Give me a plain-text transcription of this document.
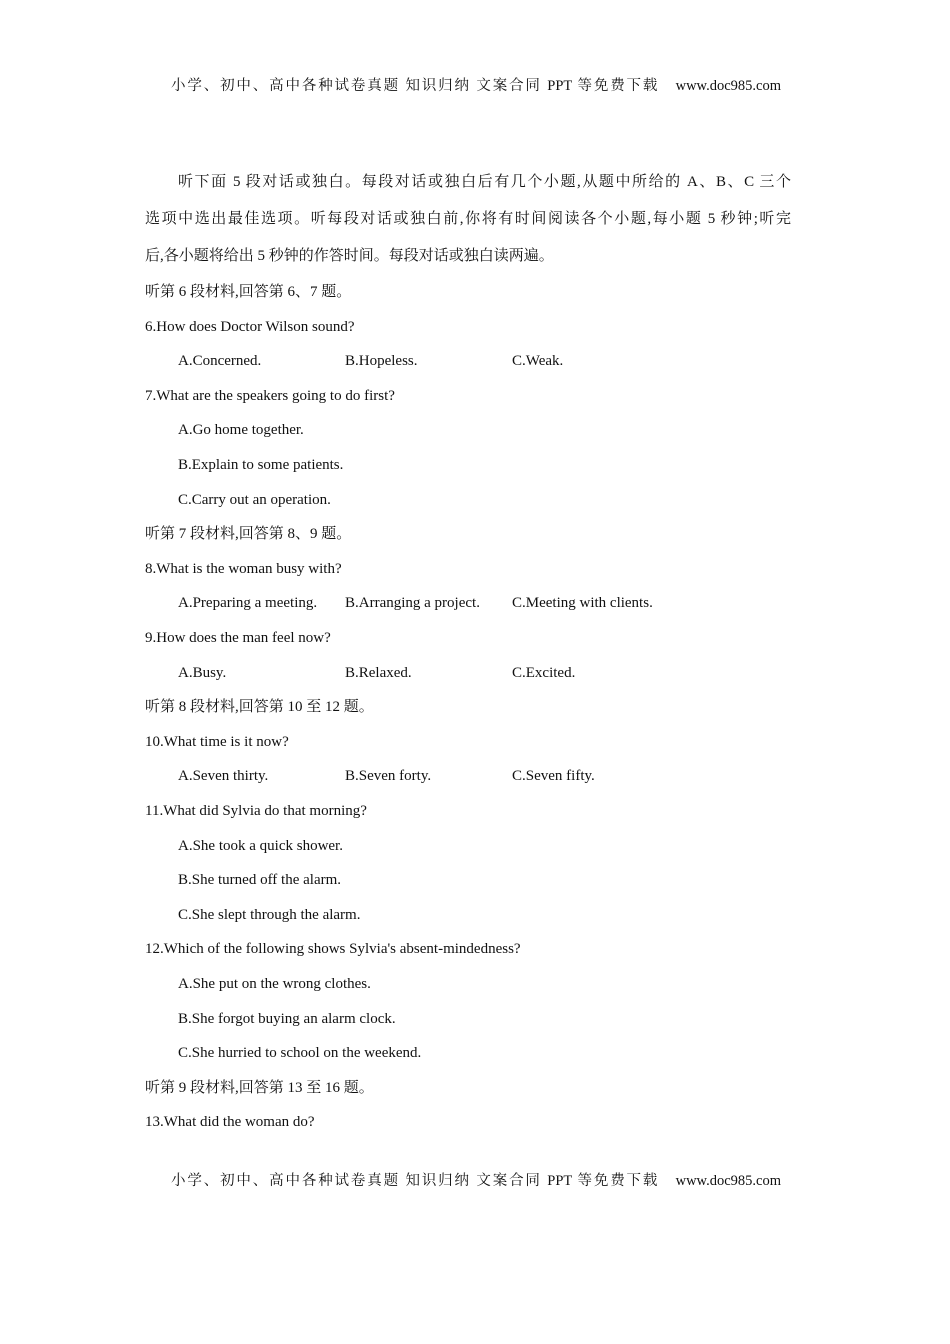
小学、初中、高中各种试卷真题 知识归纳 文案合同 PPT 等免费下载　www.doc985.com
听下面 5 段对话或独白。每段对话或独白后有几个小题,从题中所给的 A、B、C 三个
选项中选出最佳选项。听每段对话或独白前,你将有时间阅读各个小题,每小题 5 秒钟;听完
后,各小题将给出 5 秒钟的作答时间。每段对话或独白读两遍。
听第 6 段材料,回答第 6、7 题。
6.How does Doctor Wilson sound?
A.Concerned.	B.Hopeless.	C.Weak.
7.What are the speakers going to do first?
A.Go home together.
B.Explain to some patients.
C.Carry out an operation.
听第 7 段材料,回答第 8、9 题。
8.What is the woman busy with?
A.Preparing a meeting. B.Arranging a project. C.Meeting with clients.
9.How does the man feel now?
A.Busy.	B.Relaxed.	C.Excited.
听第 8 段材料,回答第 10 至 12 题。
10.What time is it now?
A.Seven thirty.	B.Seven forty.	C.Seven fifty.
11.What did Sylvia do that morning?
A.She took a quick shower.
B.She turned off the alarm.
C.She slept through the alarm.
12.Which of the following shows Sylvia's absent-mindedness?
A.She put on the wrong clothes.
B.She forgot buying an alarm clock.
C.She hurried to school on the weekend.
听第 9 段材料,回答第 13 至 16 题。
13.What did the woman do?
小学、初中、高中各种试卷真题 知识归纳 文案合同 PPT 等免费下载　www.doc985.com
